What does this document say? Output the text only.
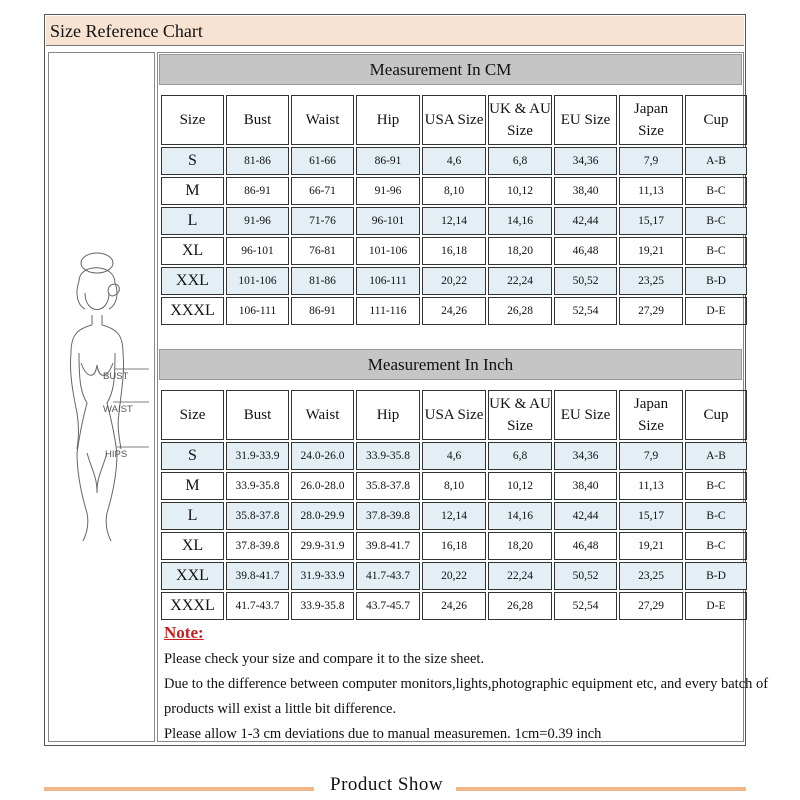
Size Reference Chart
BUST
WAIST
HIPS
Measurement In CM
Size	Bust	Waist	Hip	USA Size	UK & AU Size	EU Size	Japan Size	Cup
S	81-86	61-66	86-91	4,6	6,8	34,36	7,9	A-B
M	86-91	66-71	91-96	8,10	10,12	38,40	11,13	B-C
L	91-96	71-76	96-101	12,14	14,16	42,44	15,17	B-C
XL	96-101	76-81	101-106	16,18	18,20	46,48	19,21	B-C
XXL	101-106	81-86	106-111	20,22	22,24	50,52	23,25	B-D
XXXL	106-111	86-91	111-116	24,26	26,28	52,54	27,29	D-E
Measurement In Inch
Size	Bust	Waist	Hip	USA Size	UK & AU Size	EU Size	Japan Size	Cup
S	31.9-33.9	24.0-26.0	33.9-35.8	4,6	6,8	34,36	7,9	A-B
M	33.9-35.8	26.0-28.0	35.8-37.8	8,10	10,12	38,40	11,13	B-C
L	35.8-37.8	28.0-29.9	37.8-39.8	12,14	14,16	42,44	15,17	B-C
XL	37.8-39.8	29.9-31.9	39.8-41.7	16,18	18,20	46,48	19,21	B-C
XXL	39.8-41.7	31.9-33.9	41.7-43.7	20,22	22,24	50,52	23,25	B-D
XXXL	41.7-43.7	33.9-35.8	43.7-45.7	24,26	26,28	52,54	27,29	D-E
Note:
Please check your size and compare it to the size sheet.
Due to the difference between computer monitors,lights,photographic equipment etc, and every batch of
products will exist a little bit difference.
Please allow 1-3 cm deviations due to manual measuremen. 1cm=0.39 inch
Product Show
